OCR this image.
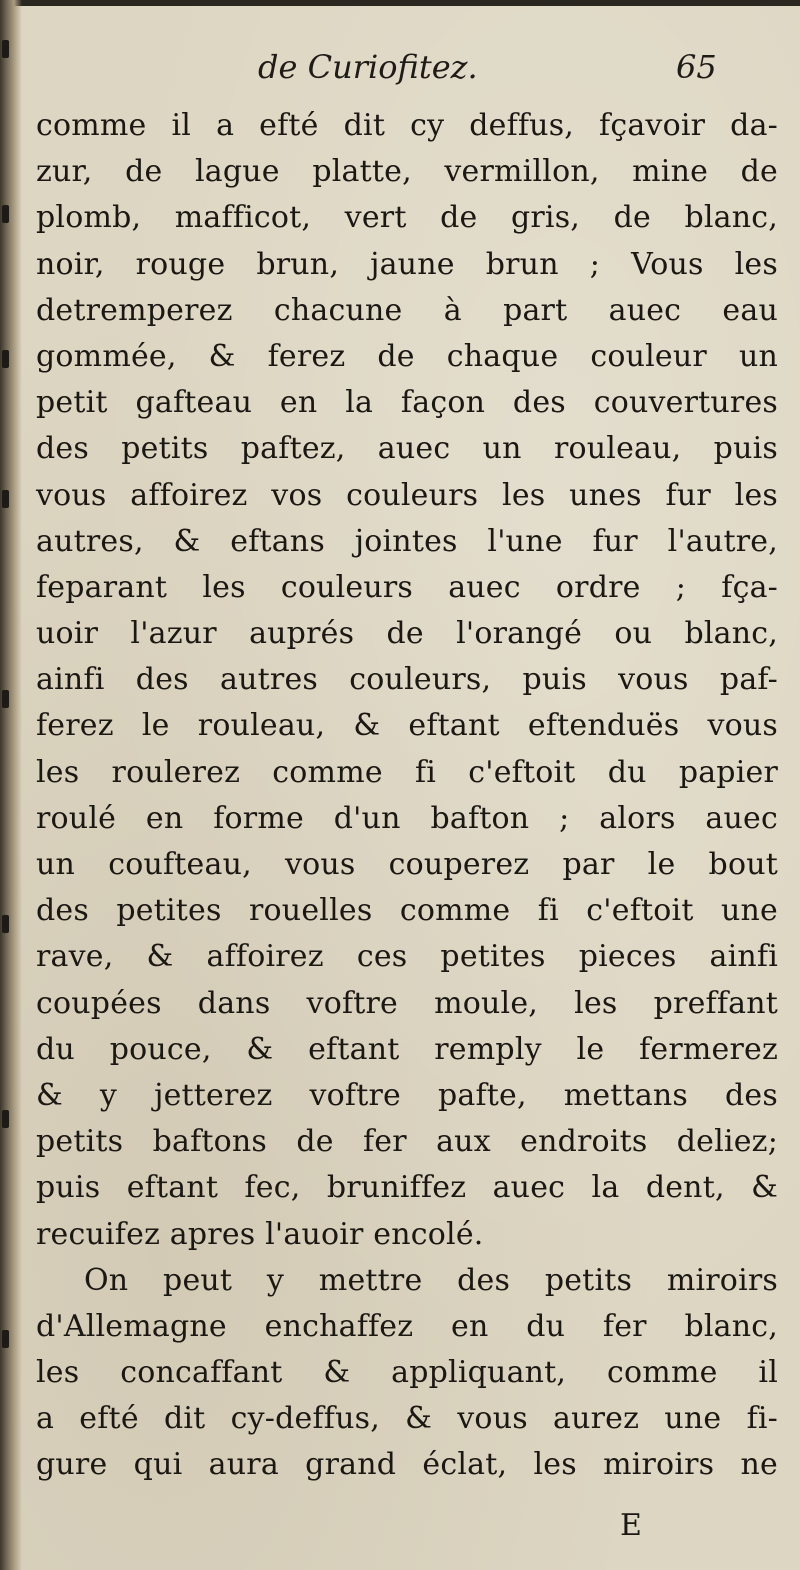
de Curiofitez.	65
comme il a efté dit cy deffus, fçavoir da-
zur, de lague platte, vermillon, mine de
plomb, mafficot, vert de gris, de blanc,
noir, rouge brun, jaune brun ; Vous les
detremperez chacune à part auec eau
gommée, & ferez de chaque couleur un
petit gafteau en la façon des couvertures
des petits paftez, auec un rouleau, puis
vous affoirez vos couleurs les unes fur les
autres, & eftans jointes l'une fur l'autre,
feparant les couleurs auec ordre ; fça-
uoir l'azur auprés de l'orangé ou blanc,
ainfi des autres couleurs, puis vous paf-
ferez le rouleau, & eftant eftenduës vous
les roulerez comme fi c'eftoit du papier
roulé en forme d'un bafton ; alors auec
un coufteau, vous couperez par le bout
des petites rouelles comme fi c'eftoit une
rave, & affoirez ces petites pieces ainfi
coupées dans voftre moule, les preffant
du pouce, & eftant remply le fermerez
& y jetterez voftre pafte, mettans des
petits baftons de fer aux endroits deliez;
puis eftant fec, bruniffez auec la dent, &
recuifez apres l'auoir encolé.
On peut y mettre des petits miroirs
d'Allemagne enchaffez en du fer blanc,
les concaffant & appliquant, comme il
a efté dit cy-deffus, & vous aurez une fi-
gure qui aura grand éclat, les miroirs ne
E
